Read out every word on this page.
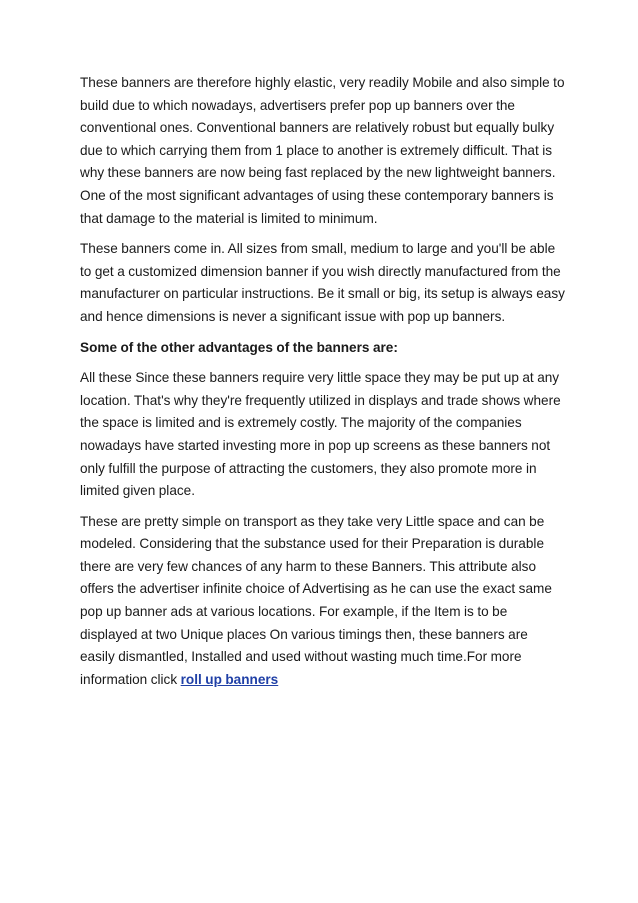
These banners are therefore highly elastic, very readily Mobile and also simple to build due to which nowadays, advertisers prefer pop up banners over the conventional ones. Conventional banners are relatively robust but equally bulky due to which carrying them from 1 place to another is extremely difficult. That is why these banners are now being fast replaced by the new lightweight banners. One of the most significant advantages of using these contemporary banners is that damage to the material is limited to minimum.

These banners come in. All sizes from small, medium to large and you'll be able to get a customized dimension banner if you wish directly manufactured from the manufacturer on particular instructions. Be it small or big, its setup is always easy and hence dimensions is never a significant issue with pop up banners.

Some of the other advantages of the banners are:

All these Since these banners require very little space they may be put up at any location. That's why they're frequently utilized in displays and trade shows where the space is limited and is extremely costly. The majority of the companies nowadays have started investing more in pop up screens as these banners not only fulfill the purpose of attracting the customers, they also promote more in limited given place.

These are pretty simple on transport as they take very Little space and can be modeled. Considering that the substance used for their Preparation is durable there are very few chances of any harm to these Banners. This attribute also offers the advertiser infinite choice of Advertising as he can use the exact same pop up banner ads at various locations. For example, if the Item is to be displayed at two Unique places On various timings then, these banners are easily dismantled, Installed and used without wasting much time.For more information click roll up banners
